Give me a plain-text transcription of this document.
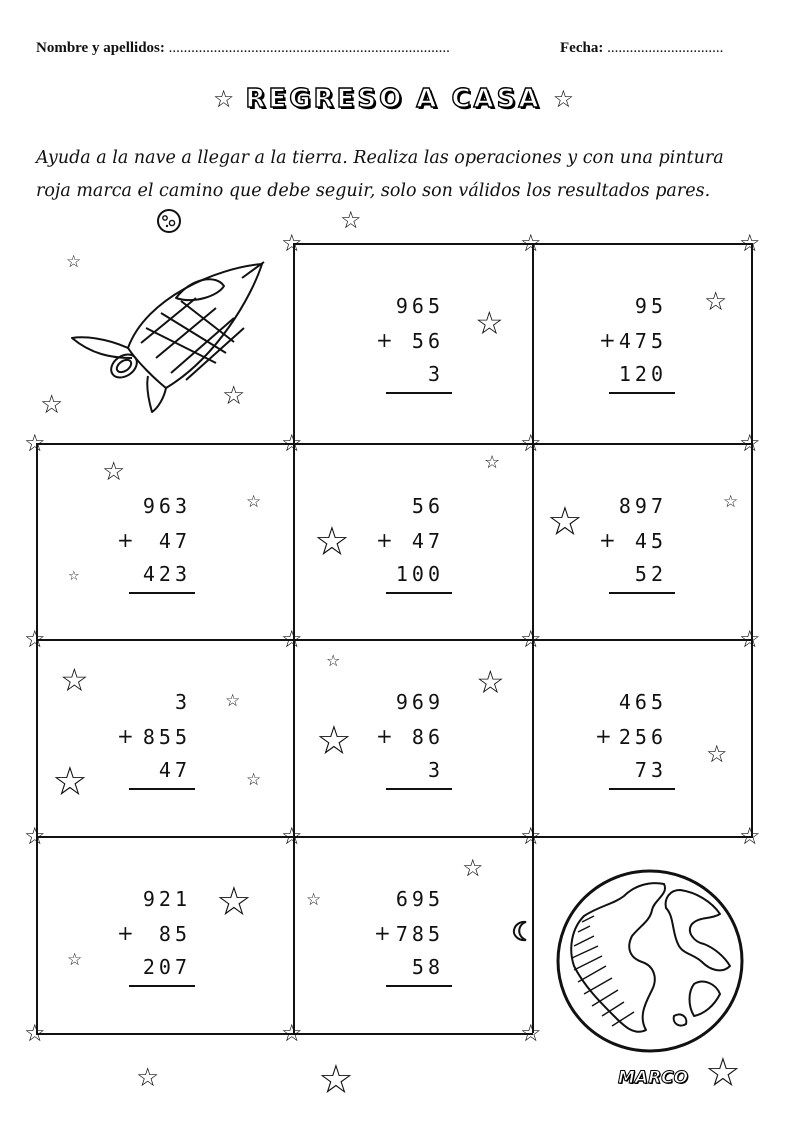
Nombre y apellidos: ...........................................................................	Fecha: ...............................
☆ REGRESO A CASA ☆
Ayuda a la nave a llegar a la tierra. Realiza las operaciones y con una pintura
roja marca el camino que debe seguir, solo son válidos los resultados pares.
☆	☆	☆
☆	☆	☆	☆
☆	☆	☆	☆
☆	☆	☆	☆
☆	☆	☆
☆
☆
☆
☆
☆
☆
☆	☆
☆	☆
☆
☆
☆
☆
☆	☆
☆
☆	☆
☆	☆
☆
☆	☆
☆
☆	☆	☆
965
+ 56
3
95
+ 475
120
963
+	47
423
56
+ 47
100
897
+ 45
52
3
+ 855
47
969
+ 86
3
465
+ 256
73
921
+	85
207
695
+ 785
58
MARCO
